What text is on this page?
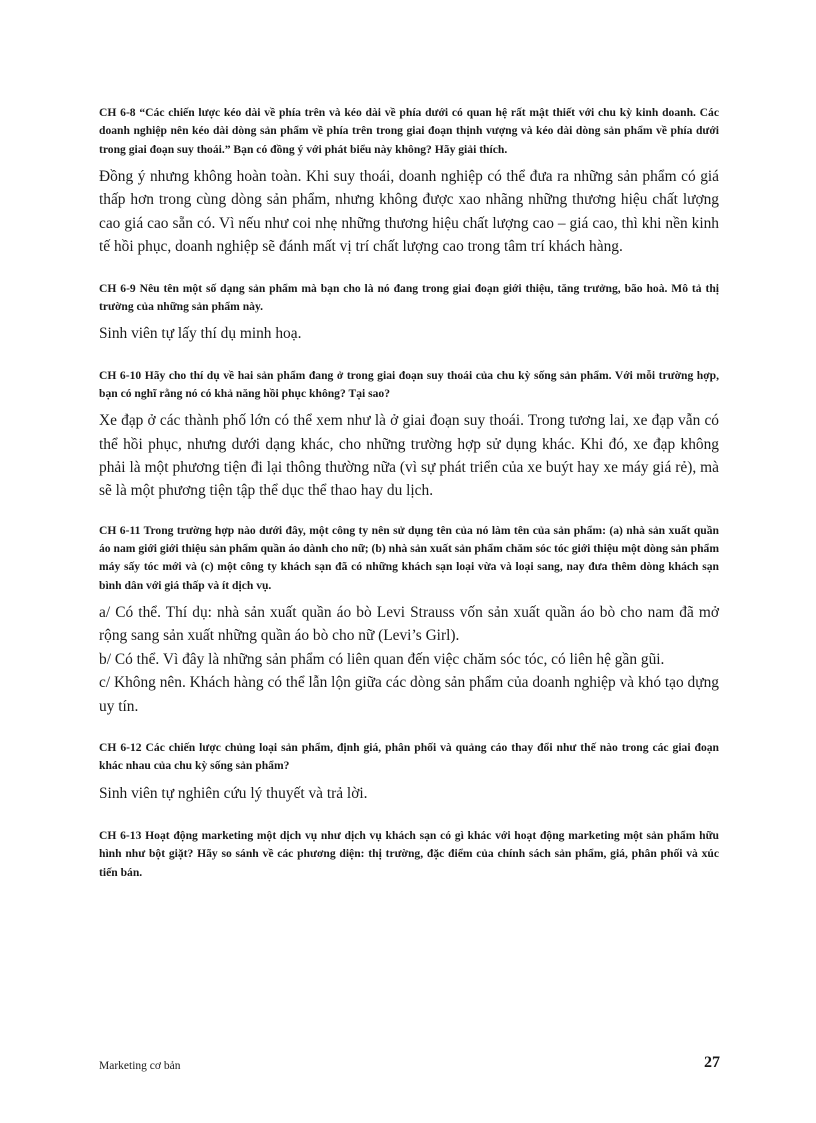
CH 6-8 “Các chiến lược kéo dài về phía trên và kéo dài về phía dưới có quan hệ rất mật thiết với chu kỳ kinh doanh. Các doanh nghiệp nên kéo dài dòng sản phẩm về phía trên trong giai đoạn thịnh vượng và kéo dài dòng sản phẩm về phía dưới trong giai đoạn suy thoái.” Bạn có đồng ý với phát biểu này không? Hãy giải thích.

Đồng ý nhưng không hoàn toàn. Khi suy thoái, doanh nghiệp có thể đưa ra những sản phẩm có giá thấp hơn trong cùng dòng sản phẩm, nhưng không được xao nhãng những thương hiệu chất lượng cao giá cao sẵn có. Vì nếu như coi nhẹ những thương hiệu chất lượng cao – giá cao, thì khi nền kinh tế hồi phục, doanh nghiệp sẽ đánh mất vị trí chất lượng cao trong tâm trí khách hàng.

CH 6-9 Nêu tên một số dạng sản phẩm mà bạn cho là nó đang trong giai đoạn giới thiệu, tăng trưởng, bão hoà. Mô tả thị trường của những sản phẩm này.

Sinh viên tự lấy thí dụ minh hoạ.

CH 6-10 Hãy cho thí dụ về hai sản phẩm đang ở trong giai đoạn suy thoái của chu kỳ sống sản phẩm. Với mỗi trường hợp, bạn có nghĩ rằng nó có khả năng hồi phục không? Tại sao?

Xe đạp ở các thành phố lớn có thể xem như là ở giai đoạn suy thoái. Trong tương lai, xe đạp vẫn có thể hồi phục, nhưng dưới dạng khác, cho những trường hợp sử dụng khác. Khi đó, xe đạp không phải là một phương tiện đi lại thông thường nữa (vì sự phát triển của xe buýt hay xe máy giá rẻ), mà sẽ là một phương tiện tập thể dục thể thao hay du lịch.

CH 6-11 Trong trường hợp nào dưới đây, một công ty nên sử dụng tên của nó làm tên của sản phẩm: (a) nhà sản xuất quần áo nam giới giới thiệu sản phẩm quần áo dành cho nữ; (b) nhà sản xuất sản phẩm chăm sóc tóc giới thiệu một dòng sản phẩm máy sấy tóc mới và (c) một công ty khách sạn đã có những khách sạn loại vừa và loại sang, nay đưa thêm dòng khách sạn bình dân với giá thấp và ít dịch vụ.

a/ Có thể. Thí dụ: nhà sản xuất quần áo bò Levi Strauss vốn sản xuất quần áo bò cho nam đã mở rộng sang sản xuất những quần áo bò cho nữ (Levi’s Girl).

b/ Có thể. Vì đây là những sản phẩm có liên quan đến việc chăm sóc tóc, có liên hệ gần gũi.

c/ Không nên. Khách hàng có thể lẫn lộn giữa các dòng sản phẩm của doanh nghiệp và khó tạo dựng uy tín.

CH 6-12 Các chiến lược chủng loại sản phẩm, định giá, phân phối và quảng cáo thay đổi như thế nào trong các giai đoạn khác nhau của chu kỳ sống sản phẩm?

Sinh viên tự nghiên cứu lý thuyết và trả lời.

CH 6-13 Hoạt động marketing một dịch vụ như dịch vụ khách sạn có gì khác với hoạt động marketing một sản phẩm hữu hình như bột giặt? Hãy so sánh về các phương diện: thị trường, đặc điểm của chính sách sản phẩm, giá, phân phối và xúc tiến bán.

Marketing cơ bản	27
